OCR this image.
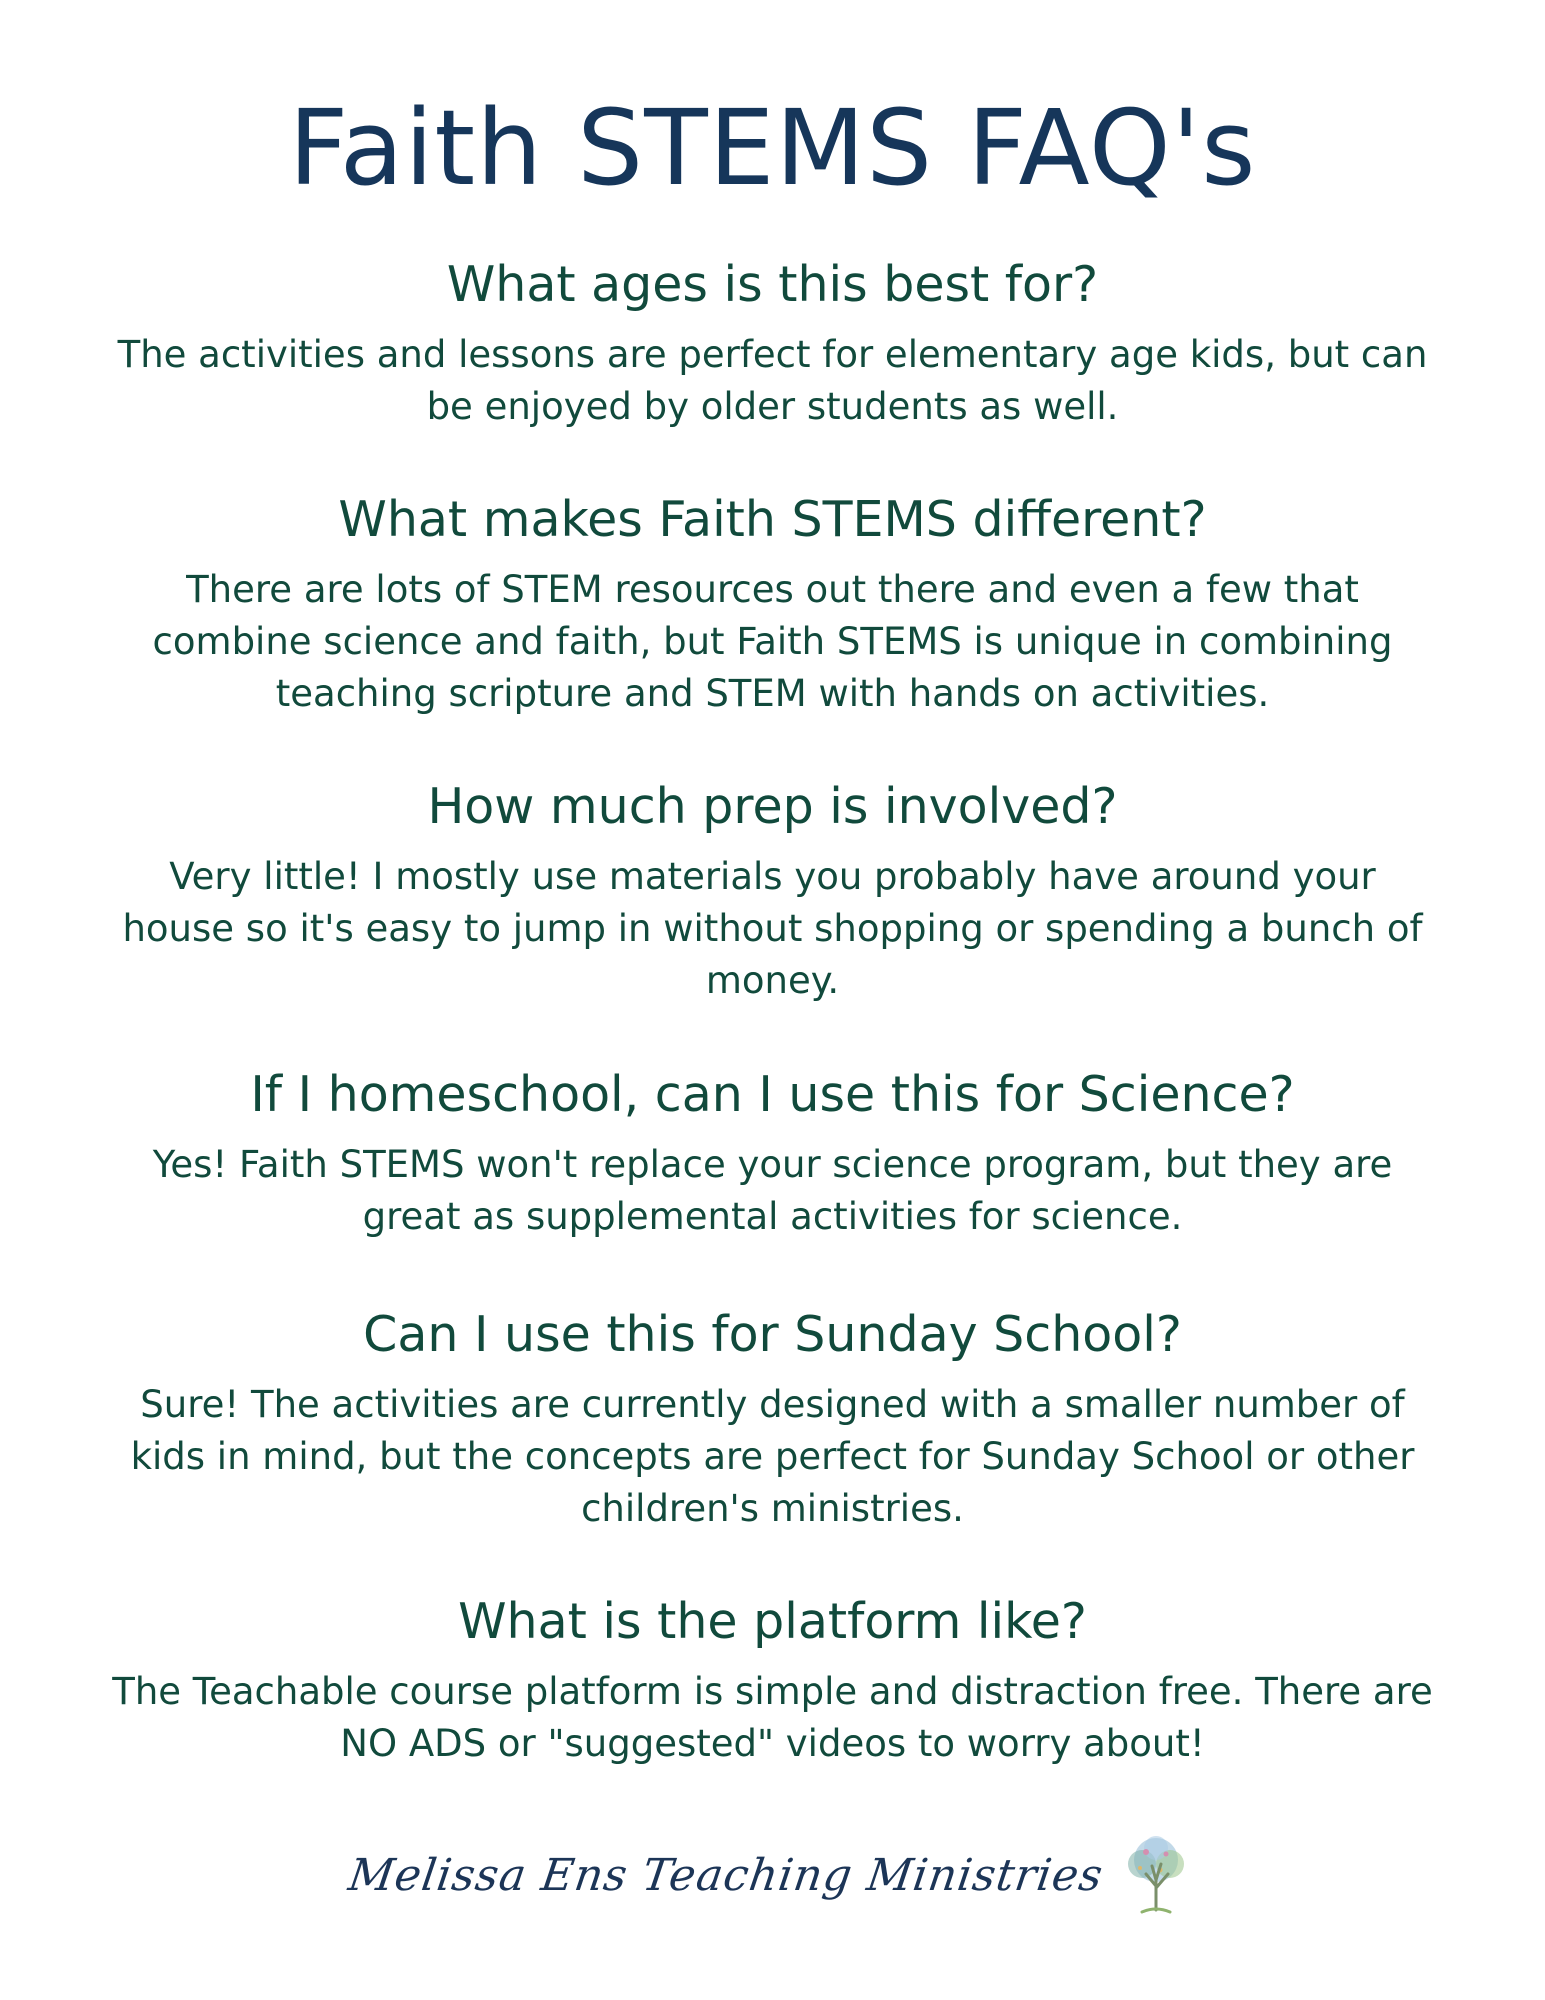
Faith STEMS FAQ's
What ages is this best for?

The activities and lessons are perfect for elementary age kids, but can be enjoyed by older students as well.

What makes Faith STEMS different?

There are lots of STEM resources out there and even a few that combine science and faith, but Faith STEMS is unique in combining teaching scripture and STEM with hands on activities.

How much prep is involved?

Very little! I mostly use materials you probably have around your house so it's easy to jump in without shopping or spending a bunch of money.

If I homeschool, can I use this for Science?

Yes! Faith STEMS won't replace your science program, but they are great as supplemental activities for science.

Can I use this for Sunday School?

Sure! The activities are currently designed with a smaller number of kids in mind, but the concepts are perfect for Sunday School or other children's ministries.

What is the platform like?

The Teachable course platform is simple and distraction free. There are NO ADS or "suggested" videos to worry about!

Melissa Ens Teaching Ministries
